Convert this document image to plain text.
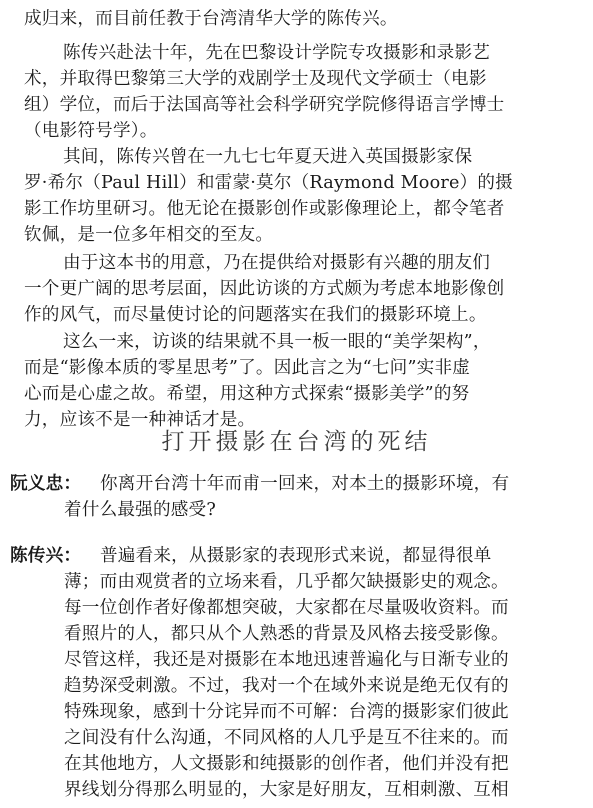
成归来，而目前任教于台湾清华大学的陈传兴。
陈传兴赴法十年，先在巴黎设计学院专攻摄影和录影艺
术，并取得巴黎第三大学的戏剧学士及现代文学硕士（电影
组）学位，而后于法国高等社会科学研究学院修得语言学博士
（电影符号学）。
其间，陈传兴曾在一九七七年夏天进入英国摄影家保
罗·希尔（Paul Hill）和雷蒙·莫尔（Raymond Moore）的摄
影工作坊里研习。他无论在摄影创作或影像理论上，都令笔者
钦佩，是一位多年相交的至友。
由于这本书的用意，乃在提供给对摄影有兴趣的朋友们
一个更广阔的思考层面，因此访谈的方式颇为考虑本地影像创
作的风气，而尽量使讨论的问题落实在我们的摄影环境上。
这么一来，访谈的结果就不具一板一眼的“美学架构”，
而是“影像本质的零星思考”了。因此言之为“七问”实非虚
心而是心虚之故。希望，用这种方式探索“摄影美学”的努
力，应该不是一种神话才是。
打开摄影在台湾的死结
阮义忠： 你离开台湾十年而甫一回来，对本土的摄影环境，有
着什么最强的感受?
陈传兴： 普遍看来，从摄影家的表现形式来说，都显得很单
薄；而由观赏者的立场来看，几乎都欠缺摄影史的观念。
每一位创作者好像都想突破，大家都在尽量吸收资料。而
看照片的人，都只从个人熟悉的背景及风格去接受影像。
尽管这样，我还是对摄影在本地迅速普遍化与日渐专业的
趋势深受刺激。不过，我对一个在域外来说是绝无仅有的
特殊现象，感到十分诧异而不可解：台湾的摄影家们彼此
之间没有什么沟通，不同风格的人几乎是互不往来的。而
在其他地方，人文摄影和纯摄影的创作者，他们并没有把
界线划分得那么明显的，大家是好朋友，互相刺激、互相
